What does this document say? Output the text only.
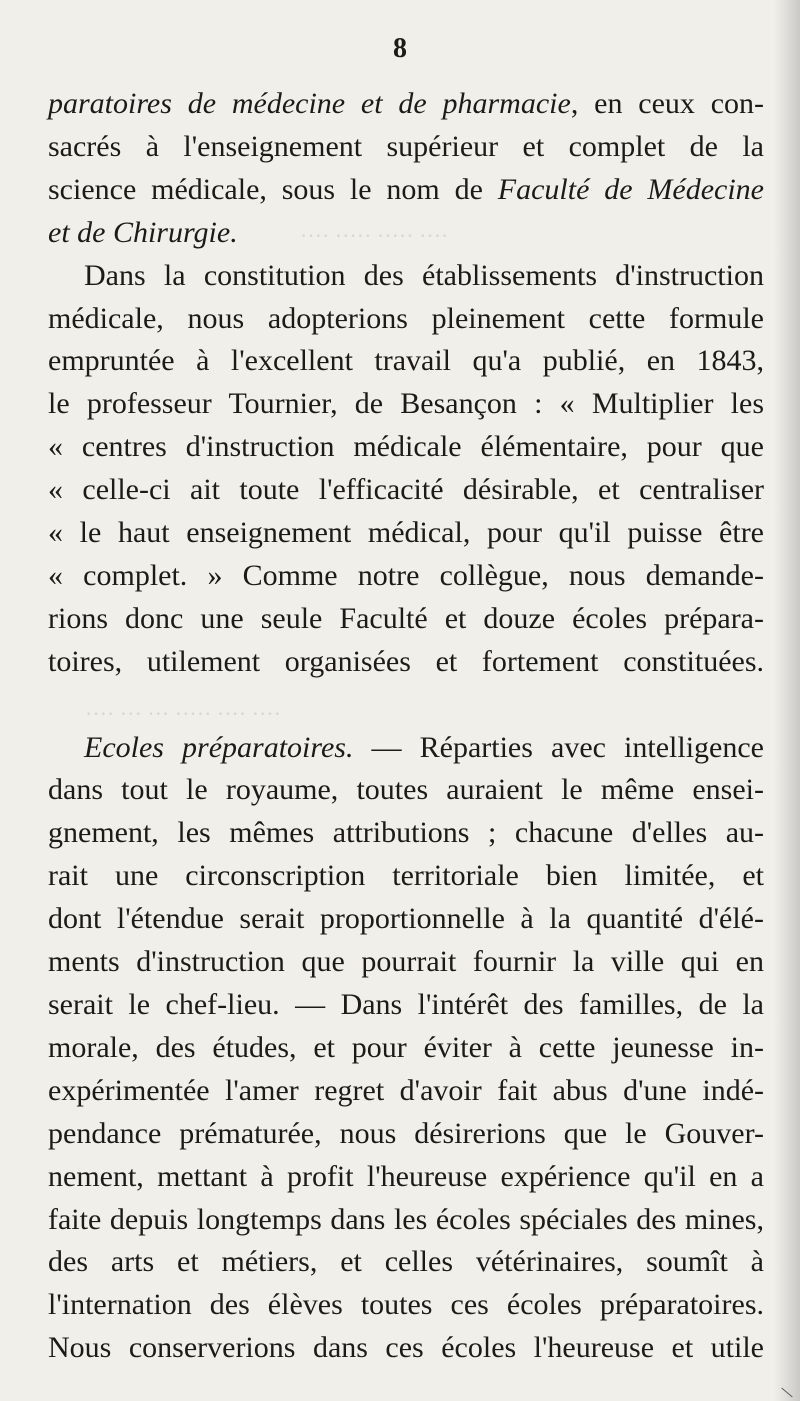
···· ····· ····· ····
···· ··· ··· ····· ···· ····
8
paratoires de médecine et de pharmacie, en ceux con-
sacrés à l'enseignement supérieur et complet de la
science médicale, sous le nom de Faculté de Médecine
et de Chirurgie.
Dans la constitution des établissements d'instruction
médicale, nous adopterions pleinement cette formule
empruntée à l'excellent travail qu'a publié, en 1843,
le professeur Tournier, de Besançon : « Multiplier les
« centres d'instruction médicale élémentaire, pour que
« celle-ci ait toute l'efficacité désirable, et centraliser
« le haut enseignement médical, pour qu'il puisse être
« complet. » Comme notre collègue, nous demande-
rions donc une seule Faculté et douze écoles prépara-
toires, utilement organisées et fortement constituées.
Ecoles préparatoires. — Réparties avec intelligence
dans tout le royaume, toutes auraient le même ensei-
gnement, les mêmes attributions ; chacune d'elles au-
rait une circonscription territoriale bien limitée, et
dont l'étendue serait proportionnelle à la quantité d'élé-
ments d'instruction que pourrait fournir la ville qui en
serait le chef-lieu. — Dans l'intérêt des familles, de la
morale, des études, et pour éviter à cette jeunesse in-
expérimentée l'amer regret d'avoir fait abus d'une indé-
pendance prématurée, nous désirerions que le Gouver-
nement, mettant à profit l'heureuse expérience qu'il en a
faite depuis longtemps dans les écoles spéciales des mines,
des arts et métiers, et celles vétérinaires, soumît à
l'internation des élèves toutes ces écoles préparatoires.
Nous conserverions dans ces écoles l'heureuse et utile
